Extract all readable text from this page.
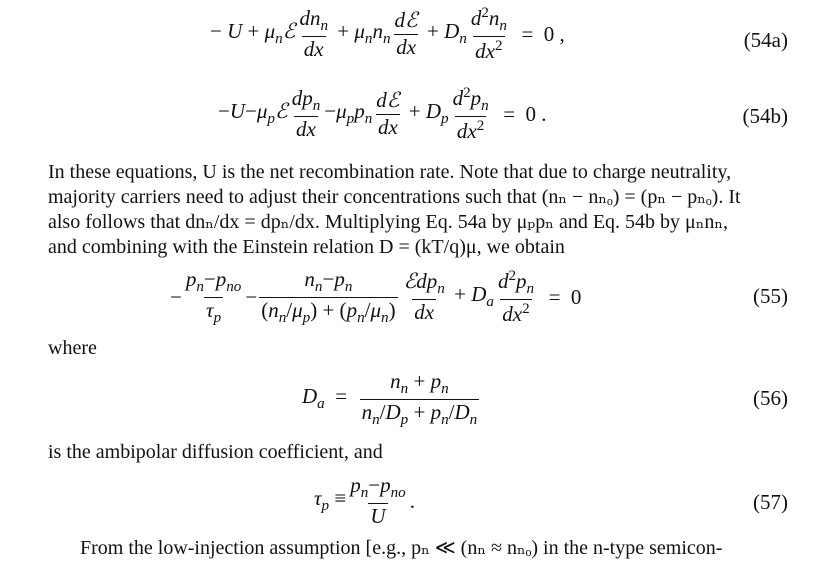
− $U + \mu_nℰ \frac{dn_n}{dx} + \mu_nn_n \frac{\text{dℰ}}{dx} + D_n \frac{d^2n_n}{dx^2} = 0$ ,	(54a)
$-U-\mu_pℰ \frac{dp_n}{dx} -\mu_pp_n \frac{\text{dℰ}}{dx} + D_p \frac{d^2p_n}{dx^2} = 0$ .	(54b)
In these equations, U is the net recombination rate. Note that due to charge neutrality,
majority carriers need to adjust their concentrations such that (nₙ − nₙₒ) = (pₙ − pₙₒ). It
also follows that dnₙ/dx = dpₙ/dx. Multiplying Eq. 54a by μₚpₙ and Eq. 54b by μₙnₙ,
and combining with the Einstein relation D = (kT/q)μ, we obtain
− $\frac{p_n-p_{no}}{\tau_p} - \frac{n_n-p_n}{(n_n/\mu_p) + (p_n/\mu_n)} \frac{ℰdp_n}{dx} + D_a \frac{d^2p_n}{dx^2} = 0$	(55)
where
$D_a = \frac{n_n + p_n}{n_n/D_p + p_n/D_n}$	(56)
is the ambipolar diffusion coefficient, and
$\tau_p \equiv \frac{p_n-p_{no}}{U}$ .	(57)
From the low-injection assumption [e.g., pₙ ≪ (nₙ ≈ nₙₒ) in the n-type semicon-
